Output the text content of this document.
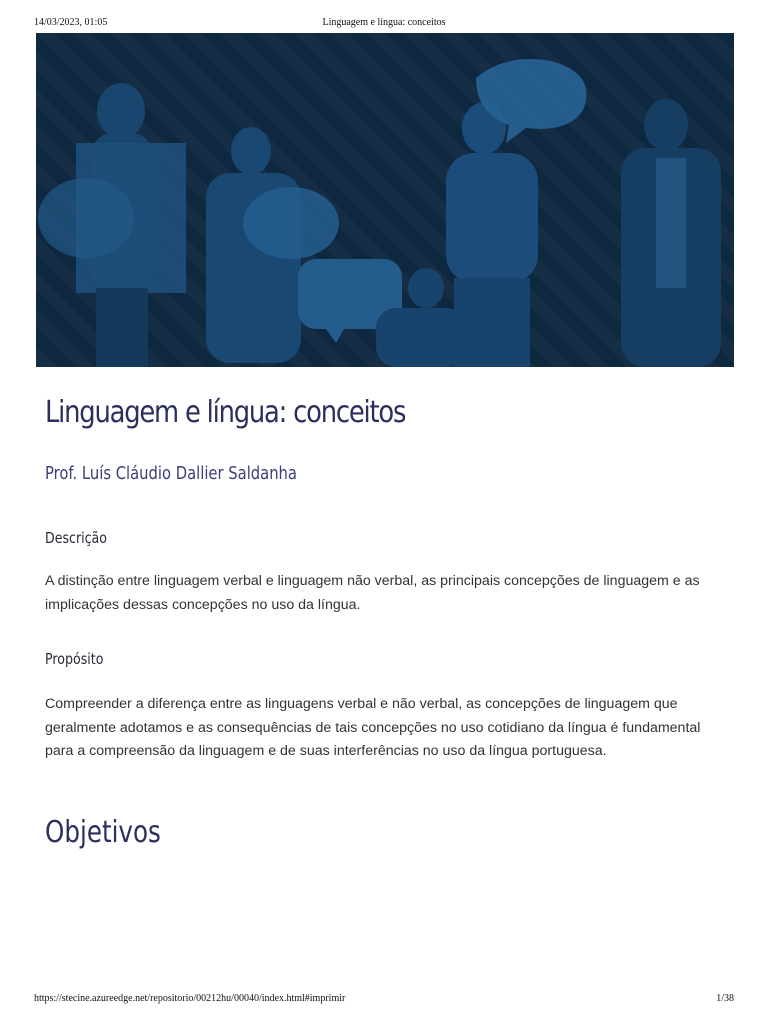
14/03/2023, 01:05	Linguagem e língua: conceitos
Linguagem e língua: conceitos
Prof. Luís Cláudio Dallier Saldanha
Descrição

A distinção entre linguagem verbal e linguagem não verbal, as principais concepções de linguagem e as implicações dessas concepções no uso da língua.

Propósito

Compreender a diferença entre as linguagens verbal e não verbal, as concepções de linguagem que geralmente adotamos e as consequências de tais concepções no uso cotidiano da língua é fundamental para a compreensão da linguagem e de suas interferências no uso da língua portuguesa.

Objetivos
https://stecine.azureedge.net/repositorio/00212hu/00040/index.html#imprimir	1/38
